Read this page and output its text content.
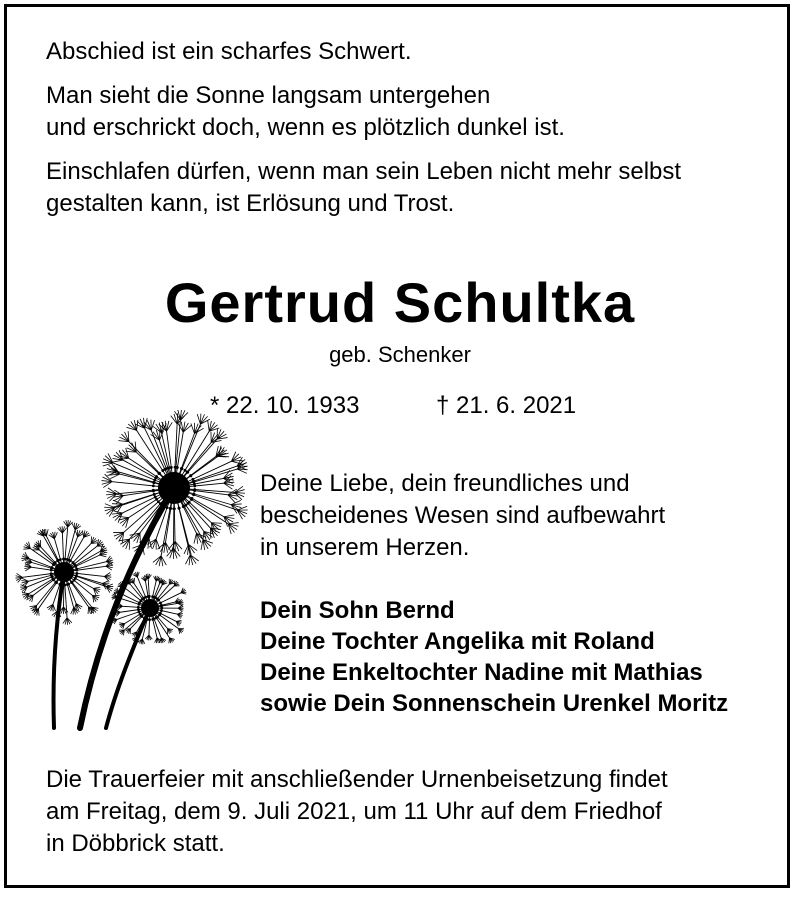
Abschied ist ein scharfes Schwert.
Man sieht die Sonne langsam untergehen
und erschrickt doch, wenn es plötzlich dunkel ist.
Einschlafen dürfen, wenn man sein Leben nicht mehr selbst
gestalten kann, ist Erlösung und Trost.
Gertrud Schultka
geb. Schenker
* 22. 10. 1933	† 21. 6. 2021
Deine Liebe, dein freundliches und
bescheidenes Wesen sind aufbewahrt
in unserem Herzen.
Dein Sohn Bernd
Deine Tochter Angelika mit Roland
Deine Enkeltochter Nadine mit Mathias
sowie Dein Sonnenschein Urenkel Moritz
Die Trauerfeier mit anschließender Urnenbeisetzung findet
am Freitag, dem 9. Juli 2021, um 11 Uhr auf dem Friedhof
in Döbbrick statt.
